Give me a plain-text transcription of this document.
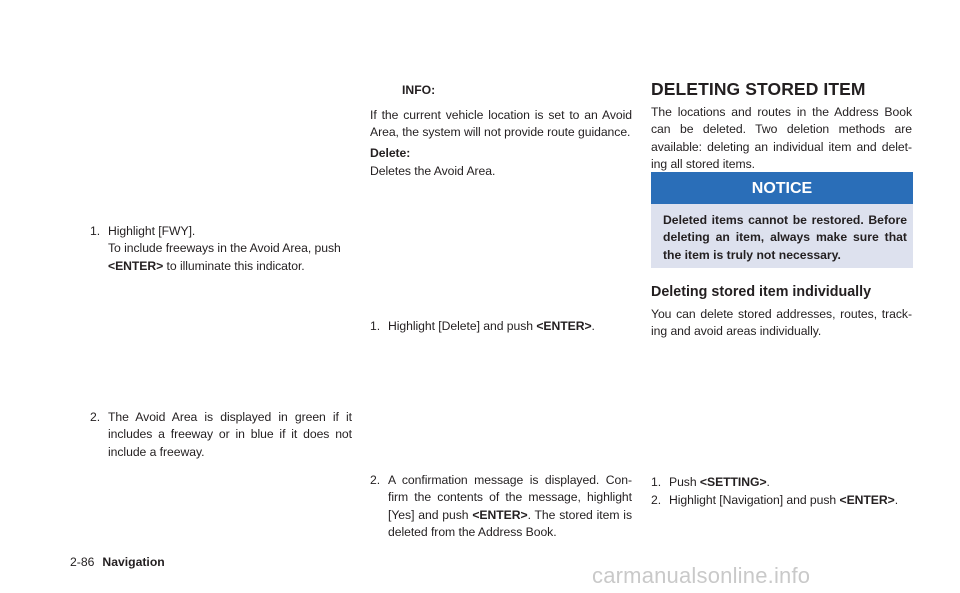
1. Highlight [FWY].
To include freeways in the Avoid Area, push <ENTER> to illuminate this indicator.
2. The Avoid Area is displayed in green if it includes a freeway or in blue if it does not include a freeway.
INFO:
If the current vehicle location is set to an Avoid Area, the system will not provide route guidance.
Delete:
Deletes the Avoid Area.
1. Highlight [Delete] and push <ENTER>.
2. A confirmation message is displayed. Confirm the contents of the message, highlight [Yes] and push <ENTER>. The stored item is deleted from the Address Book.
DELETING STORED ITEM
The locations and routes in the Address Book can be deleted. Two deletion methods are available: deleting an individual item and deleting all stored items.
NOTICE
Deleted items cannot be restored. Before deleting an item, always make sure that the item is truly not necessary.
Deleting stored item individually
You can delete stored addresses, routes, tracking and avoid areas individually.
1. Push <SETTING>.
2. Highlight [Navigation] and push <ENTER>.
2-86 Navigation
carmanualsonline.info
